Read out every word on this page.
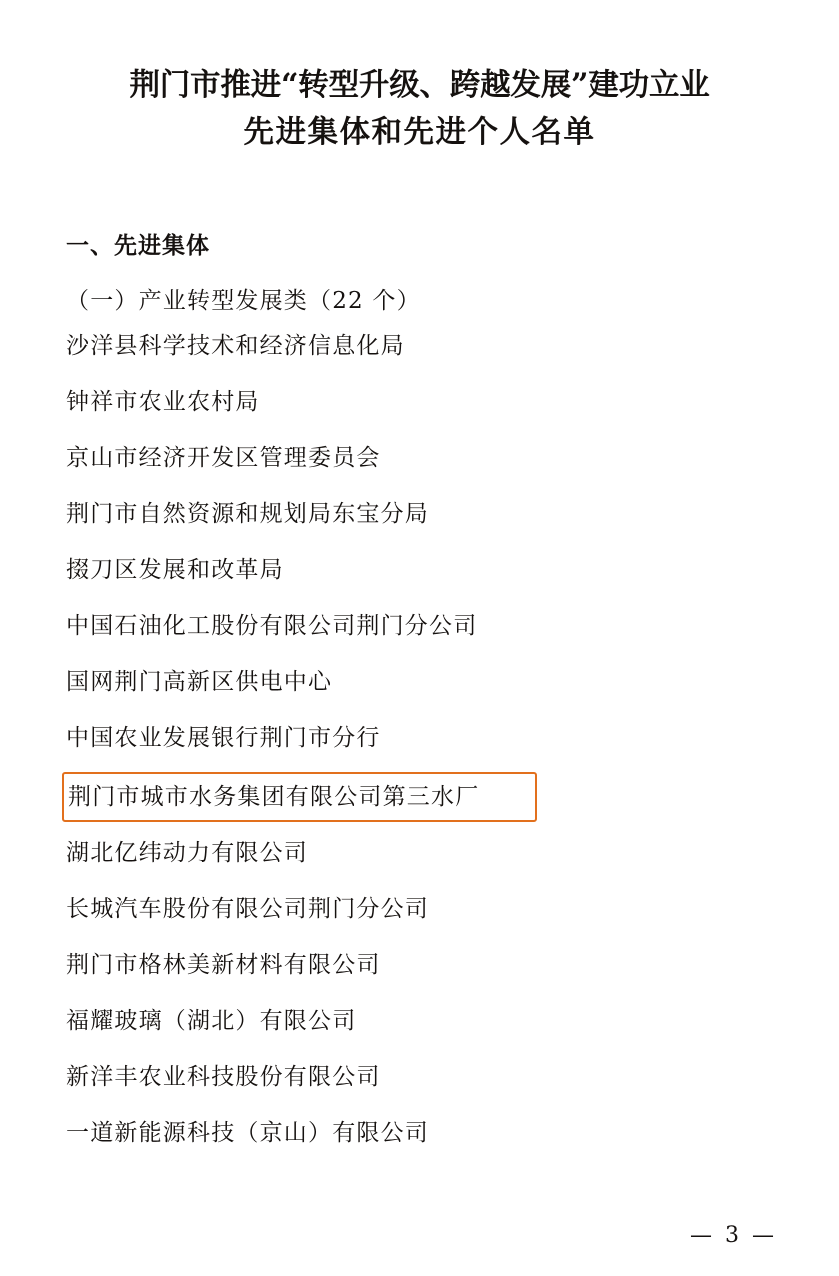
荆门市推进“转型升级、跨越发展”建功立业
先进集体和先进个人名单
一、先进集体
（一）产业转型发展类（22 个）
沙洋县科学技术和经济信息化局
钟祥市农业农村局
京山市经济开发区管理委员会
荆门市自然资源和规划局东宝分局
掇刀区发展和改革局
中国石油化工股份有限公司荆门分公司
国网荆门高新区供电中心
中国农业发展银行荆门市分行
荆门市城市水务集团有限公司第三水厂
湖北亿纬动力有限公司
长城汽车股份有限公司荆门分公司
荆门市格林美新材料有限公司
福耀玻璃（湖北）有限公司
新洋丰农业科技股份有限公司
一道新能源科技（京山）有限公司
— 3 —
